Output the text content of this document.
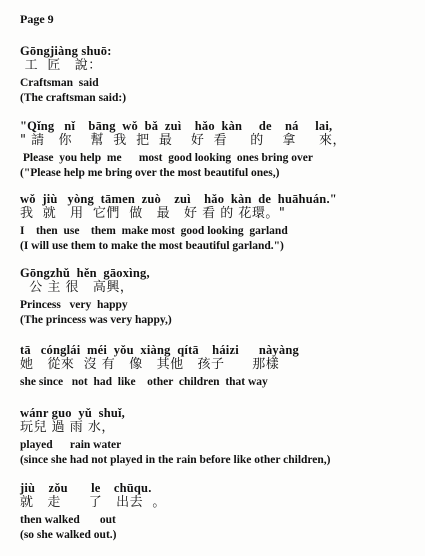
Page 9
Gōngjiàng shuō:
工  匠   說：
Craftsman  said
(The craftsman said:)
"Qǐng   nǐ    bāng  wǒ  bǎ  zuì    hǎo  kàn     de    ná     lai,
" 請   你    幫  我  把  最    好  看     的    拿     來，
Please  you help  me      most  good looking  ones bring over
("Please help me bring over the most beautiful ones,)
wǒ  jiù   yòng  tāmen  zuò    zuì    hǎo  kàn  de  huāhuán."
我  就   用  它們  做   最   好 看 的 花環。"
I    then  use    them  make most  good looking  garland
(I will use them to make the most beautiful garland.")
Gōngzhǔ  hěn  gāoxìng,
公 主 很   高興，
Princess   very  happy
(The princess was very happy,)
tā   cónglái  méi  yǒu  xiàng  qítā    háizi      nàyàng
她   從來  沒 有   像   其他   孩子      那樣
she since   not  had  like    other  children  that way
wánr guo  yǔ  shuǐ,
玩兒 過 雨 水，
played      rain water
(since she had not played in the rain before like other children,)
jiù    zǒu       le    chūqu.
就   走      了   出去  。
then walked       out
(so she walked out.)
